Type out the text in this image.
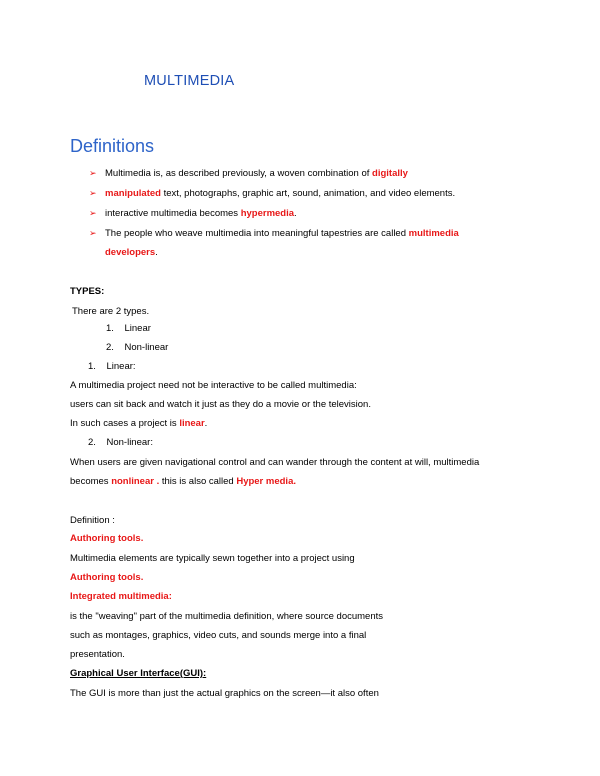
MULTIMEDIA
Definitions
➢ Multimedia is, as described previously, a woven combination of digitally
➢ manipulated text, photographs, graphic art, sound, animation, and video elements.
➢ interactive multimedia becomes hypermedia.
➢ The people who weave multimedia into meaningful tapestries are called multimedia
developers.
TYPES:
There are 2 types.
1. Linear
2. Non-linear
1. Linear:
A multimedia project need not be interactive to be called multimedia:
users can sit back and watch it just as they do a movie or the television.
In such cases a project is linear.
2. Non-linear:
When users are given navigational control and can wander through the content at will, multimedia
becomes nonlinear . this is also called Hyper media.
Definition :
Authoring tools.
Multimedia elements are typically sewn together into a project using
Authoring tools.
Integrated multimedia:
is the "weaving" part of the multimedia definition, where source documents
such as montages, graphics, video cuts, and sounds merge into a final
presentation.
Graphical User Interface(GUI):
The GUI is more than just the actual graphics on the screen—it also often
